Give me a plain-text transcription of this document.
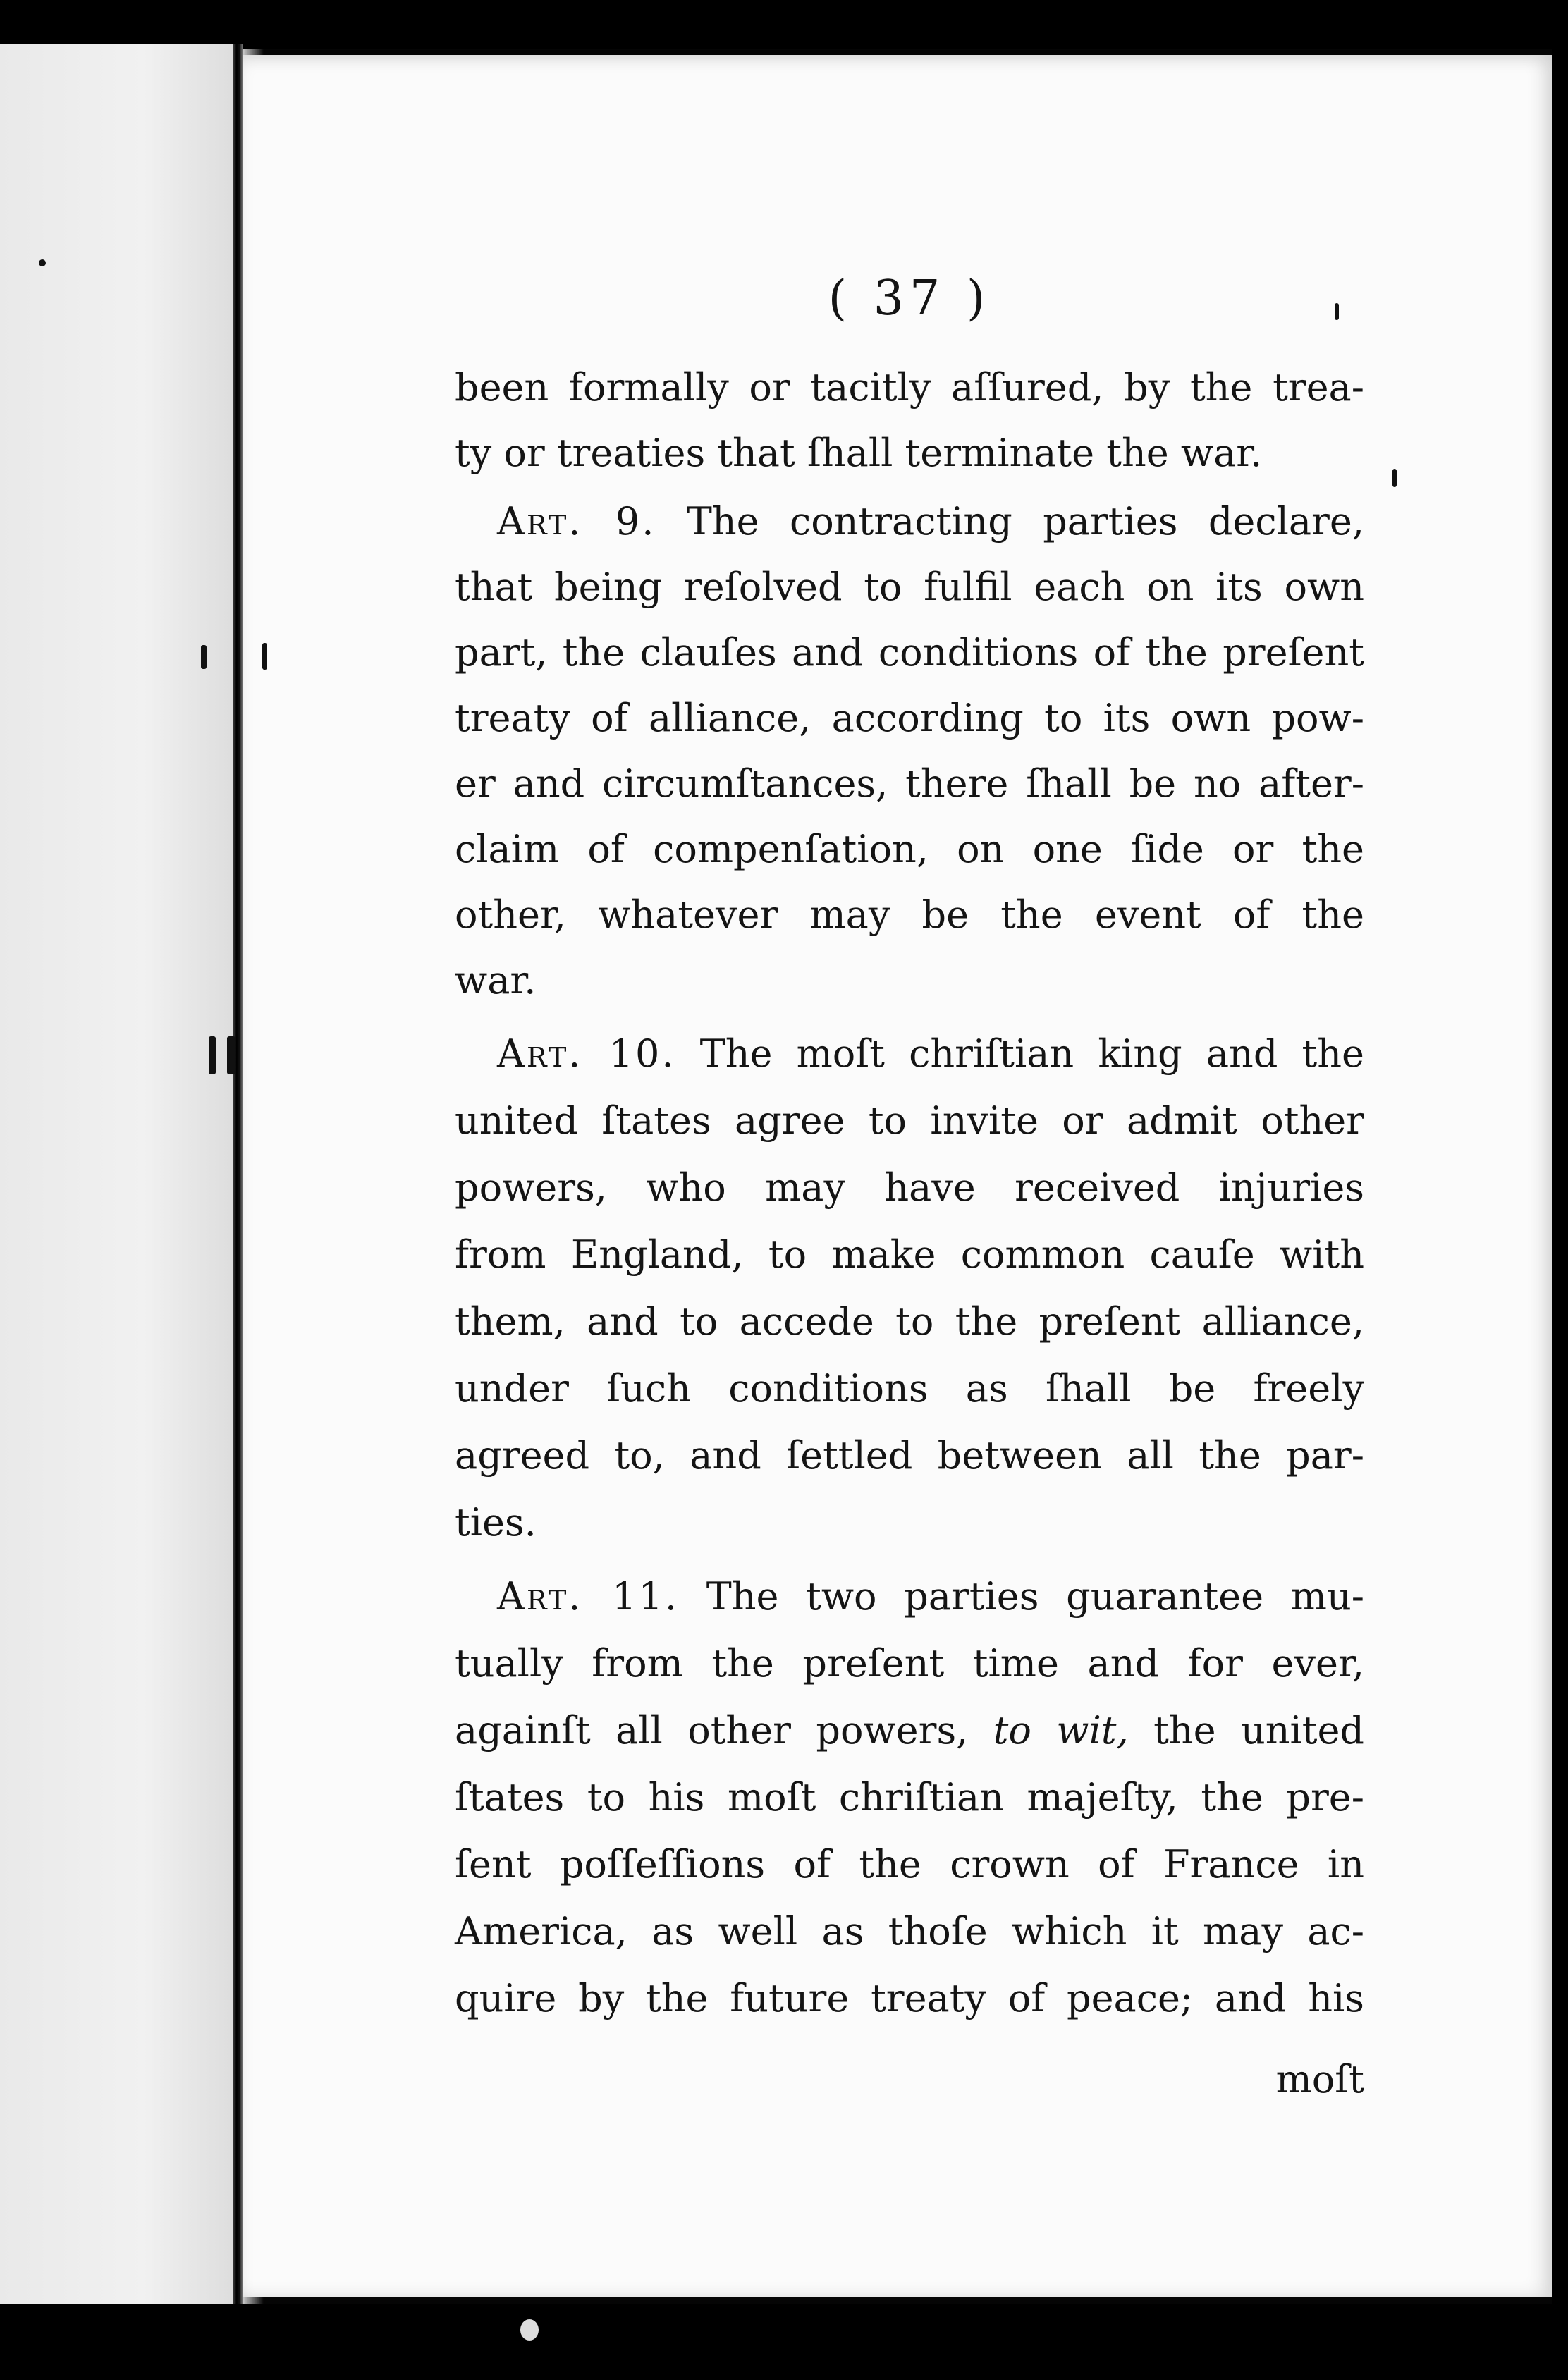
( 37 )
been formally or tacitly aſſured, by the trea-
ty or treaties that ſhall terminate the war.
Art. 9. The contracting parties declare,
that being reſolved to fulfil each on its own
part, the clauſes and conditions of the preſent
treaty of alliance, according to its own pow-
er and circumſtances, there ſhall be no after-
claim of compenſation, on one ſide or the
other, whatever may be the event of the
war.
Art. 10. The moſt chriſtian king and the
united ſtates agree to invite or admit other
powers, who may have received injuries
from England, to make common cauſe with
them, and to accede to the preſent alliance,
under ſuch conditions as ſhall be freely
agreed to, and ſettled between all the par-
ties.
Art. 11. The two parties guarantee mu-
tually from the preſent time and for ever,
againſt all other powers, to wit, the united
ſtates to his moſt chriſtian majeſty, the pre-
ſent poſſeſſions of the crown of France in
America, as well as thoſe which it may ac-
quire by the future treaty of peace; and his
moſt
